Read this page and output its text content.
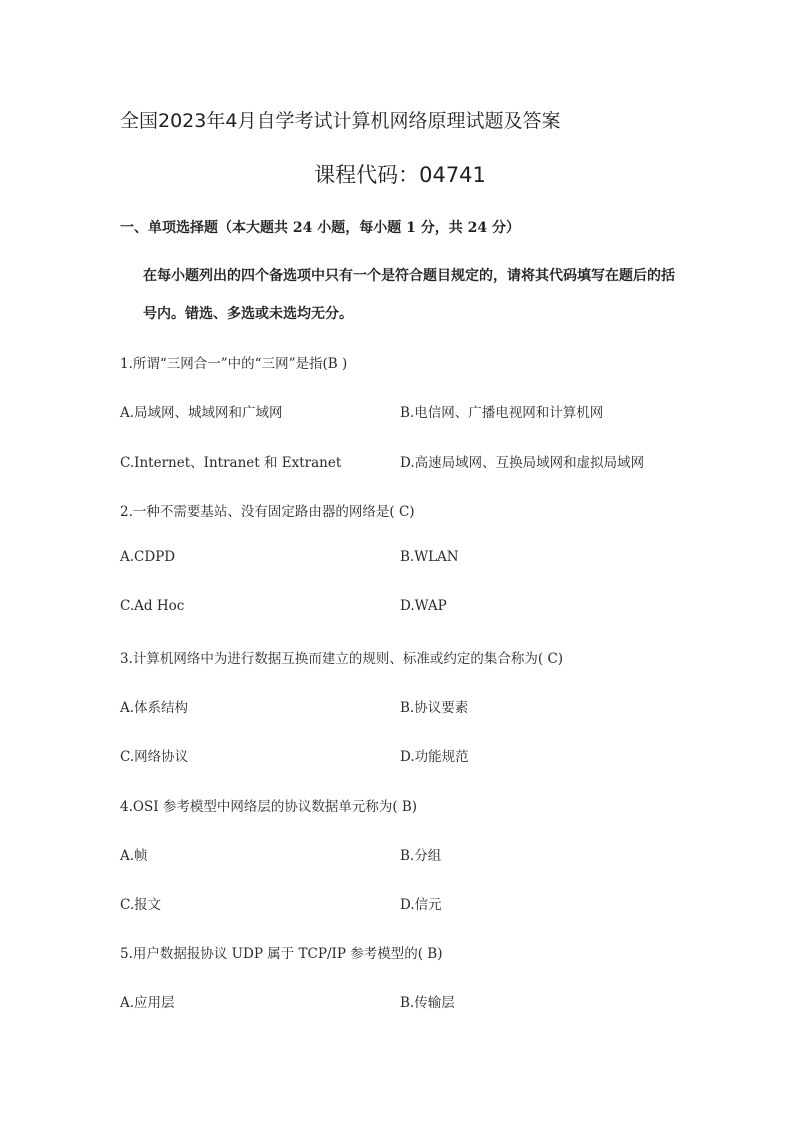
全国2023年4月自学考试计算机网络原理试题及答案
课程代码：04741
一、单项选择题（本大题共 24 小题，每小题 1 分，共 24 分）
在每小题列出的四个备选项中只有一个是符合题目规定的，请将其代码填写在题后的括号内。错选、多选或未选均无分。
1.所谓“三网合一”中的“三网”是指(B )
A.局域网、城域网和广域网	B.电信网、广播电视网和计算机网
C.Internet、Intranet 和 Extranet	D.高速局域网、互换局域网和虚拟局域网
2.一种不需要基站、没有固定路由器的网络是( C)
A.CDPD	B.WLAN
C.Ad Hoc	D.WAP
3.计算机网络中为进行数据互换而建立的规则、标准或约定的集合称为( C)
A.体系结构	B.协议要素
C.网络协议	D.功能规范
4.OSI 参考模型中网络层的协议数据单元称为( B)
A.帧	B.分组
C.报文	D.信元
5.用户数据报协议 UDP 属于 TCP/IP 参考模型的( B)
A.应用层	B.传输层
